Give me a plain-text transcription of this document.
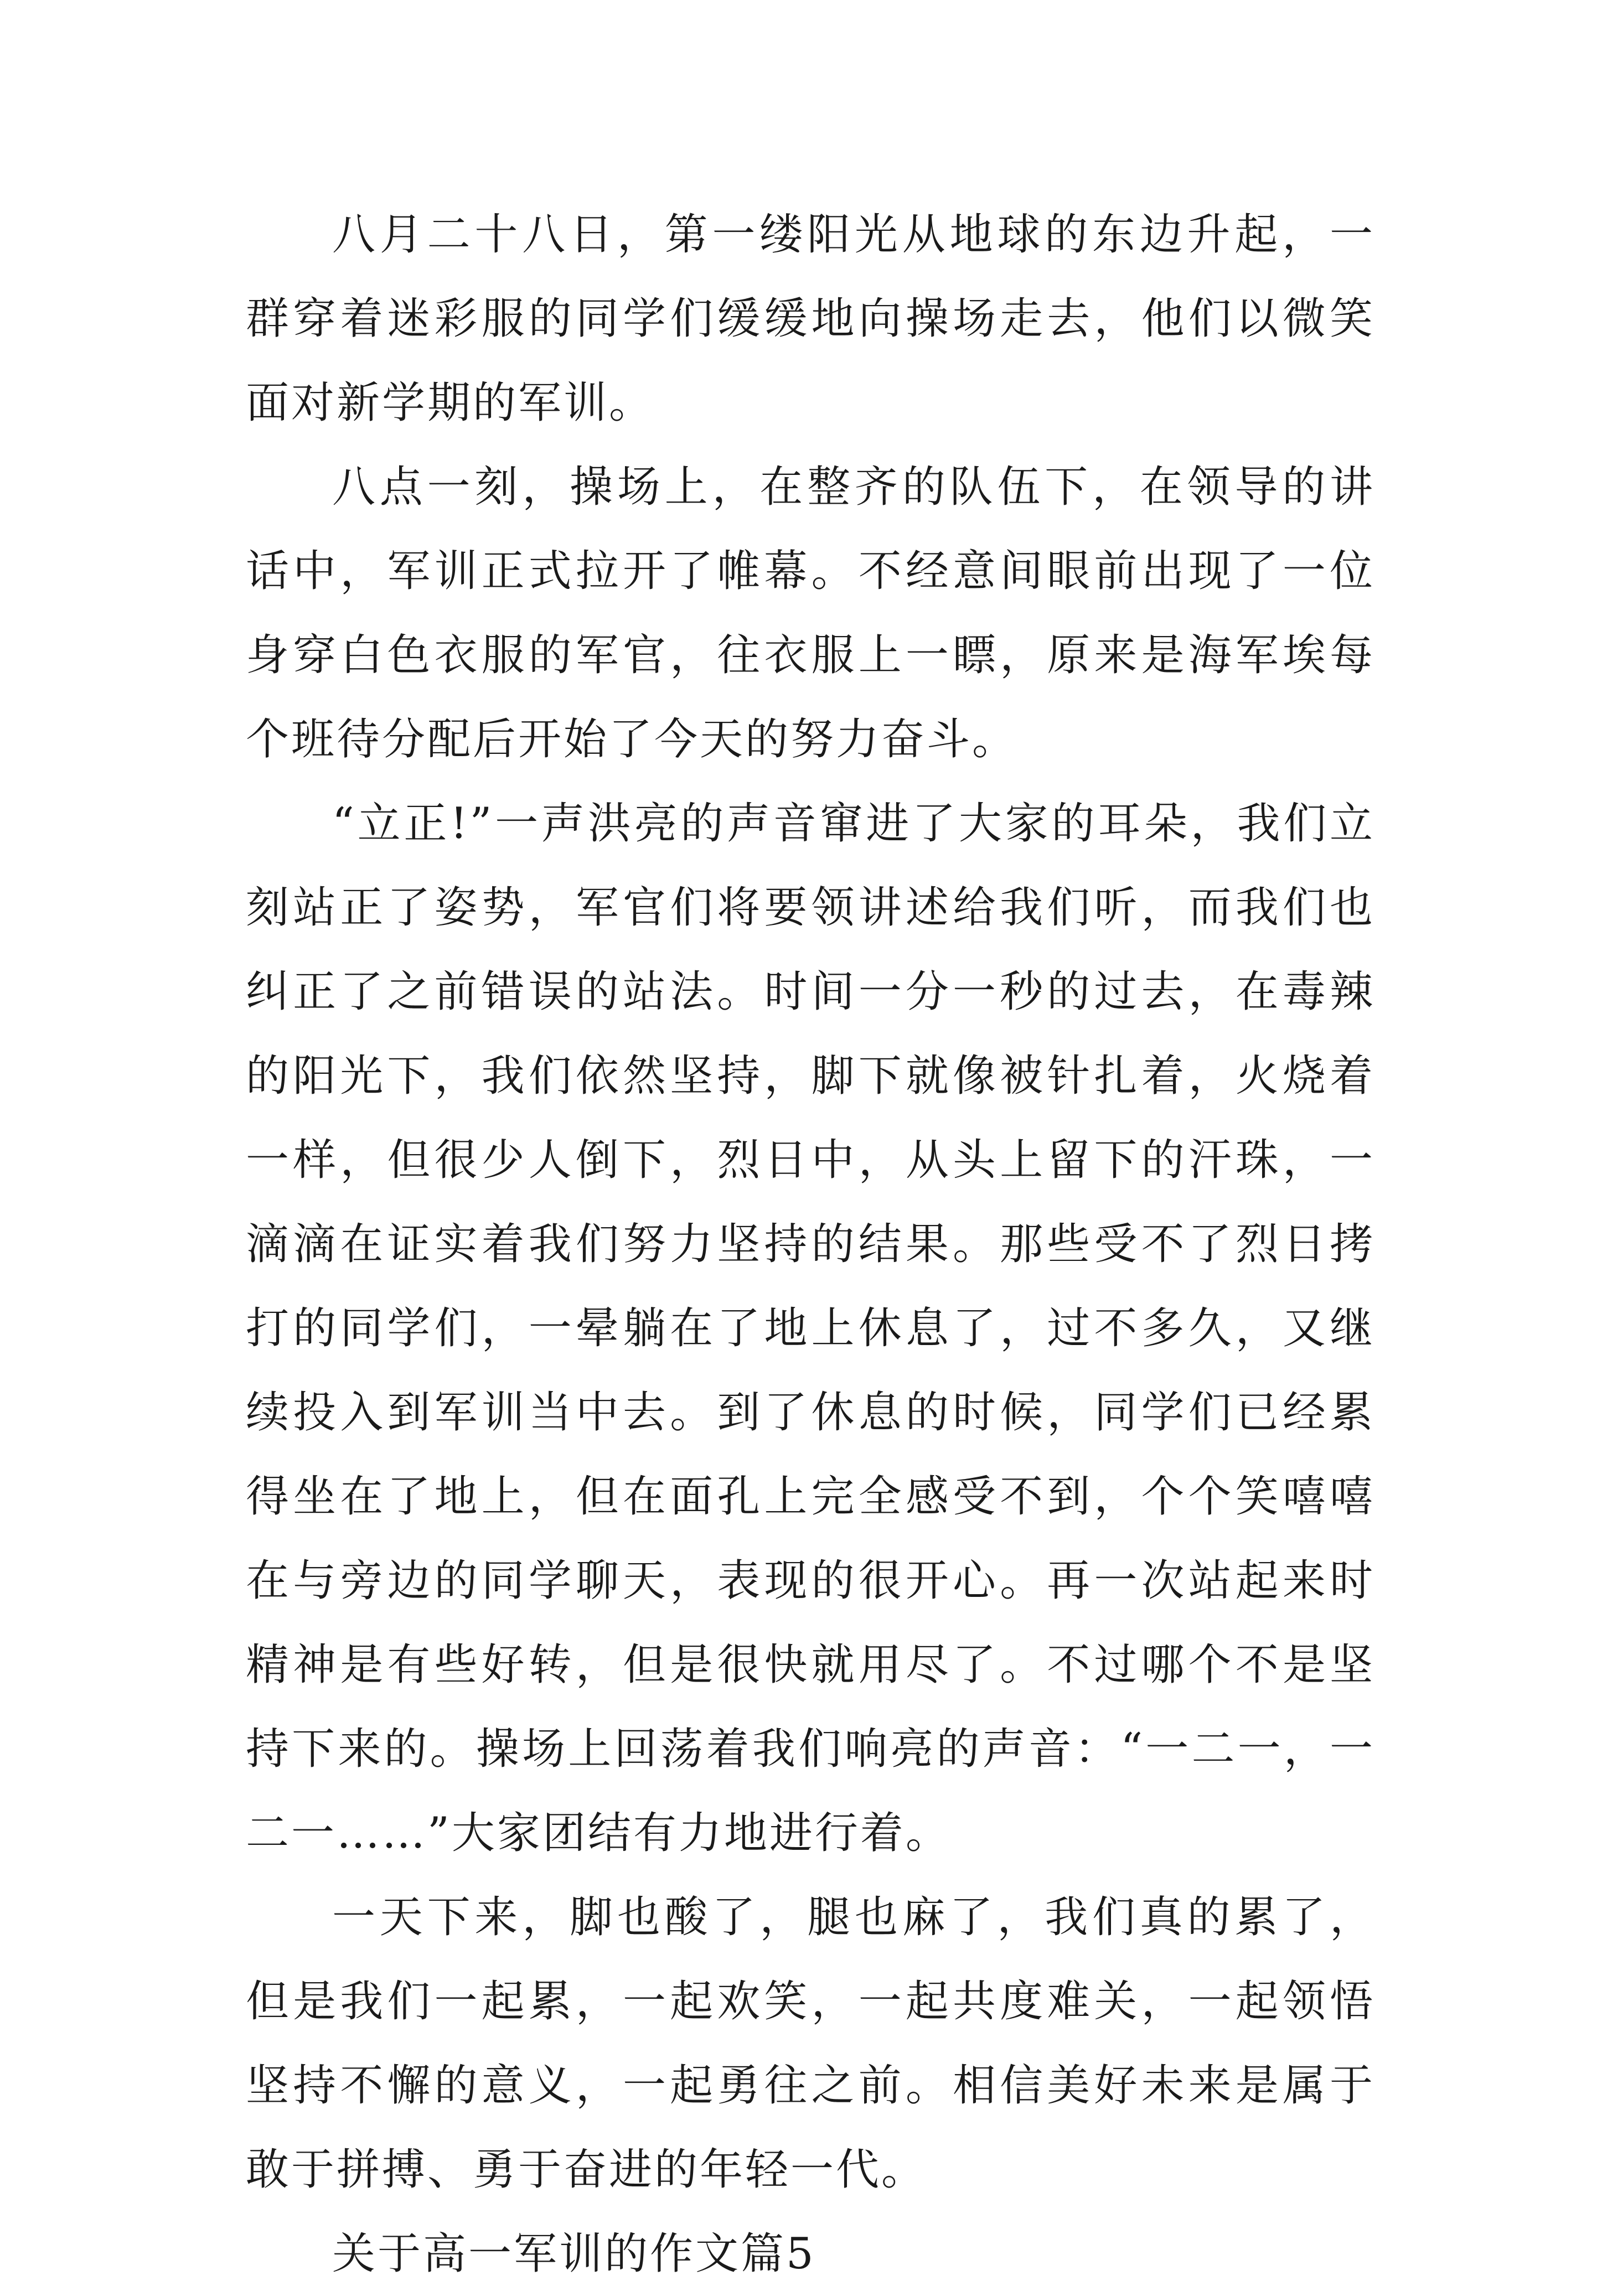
八月二十八日，第一缕阳光从地球的东边升起，一群穿着迷彩服的同学们缓缓地向操场走去，他们以微笑面对新学期的军训。

八点一刻，操场上，在整齐的队伍下，在领导的讲话中，军训正式拉开了帷幕。不经意间眼前出现了一位身穿白色衣服的军官，往衣服上一瞟，原来是海军埃每个班待分配后开始了今天的努力奋斗。

“立正!”一声洪亮的声音窜进了大家的耳朵，我们立刻站正了姿势，军官们将要领讲述给我们听，而我们也纠正了之前错误的站法。时间一分一秒的过去，在毒辣的阳光下，我们依然坚持，脚下就像被针扎着，火烧着一样，但很少人倒下，烈日中，从头上留下的汗珠，一滴滴在证实着我们努力坚持的结果。那些受不了烈日拷打的同学们，一晕躺在了地上休息了，过不多久，又继续投入到军训当中去。到了休息的时候，同学们已经累得坐在了地上，但在面孔上完全感受不到，个个笑嘻嘻在与旁边的同学聊天，表现的很开心。再一次站起来时精神是有些好转，但是很快就用尽了。不过哪个不是坚持下来的。操场上回荡着我们响亮的声音：“一二一，一二一……”大家团结有力地进行着。

一天下来，脚也酸了，腿也麻了，我们真的累了，但是我们一起累，一起欢笑，一起共度难关，一起领悟坚持不懈的意义，一起勇往之前。相信美好未来是属于敢于拼搏、勇于奋进的年轻一代。

关于高一军训的作文篇5
